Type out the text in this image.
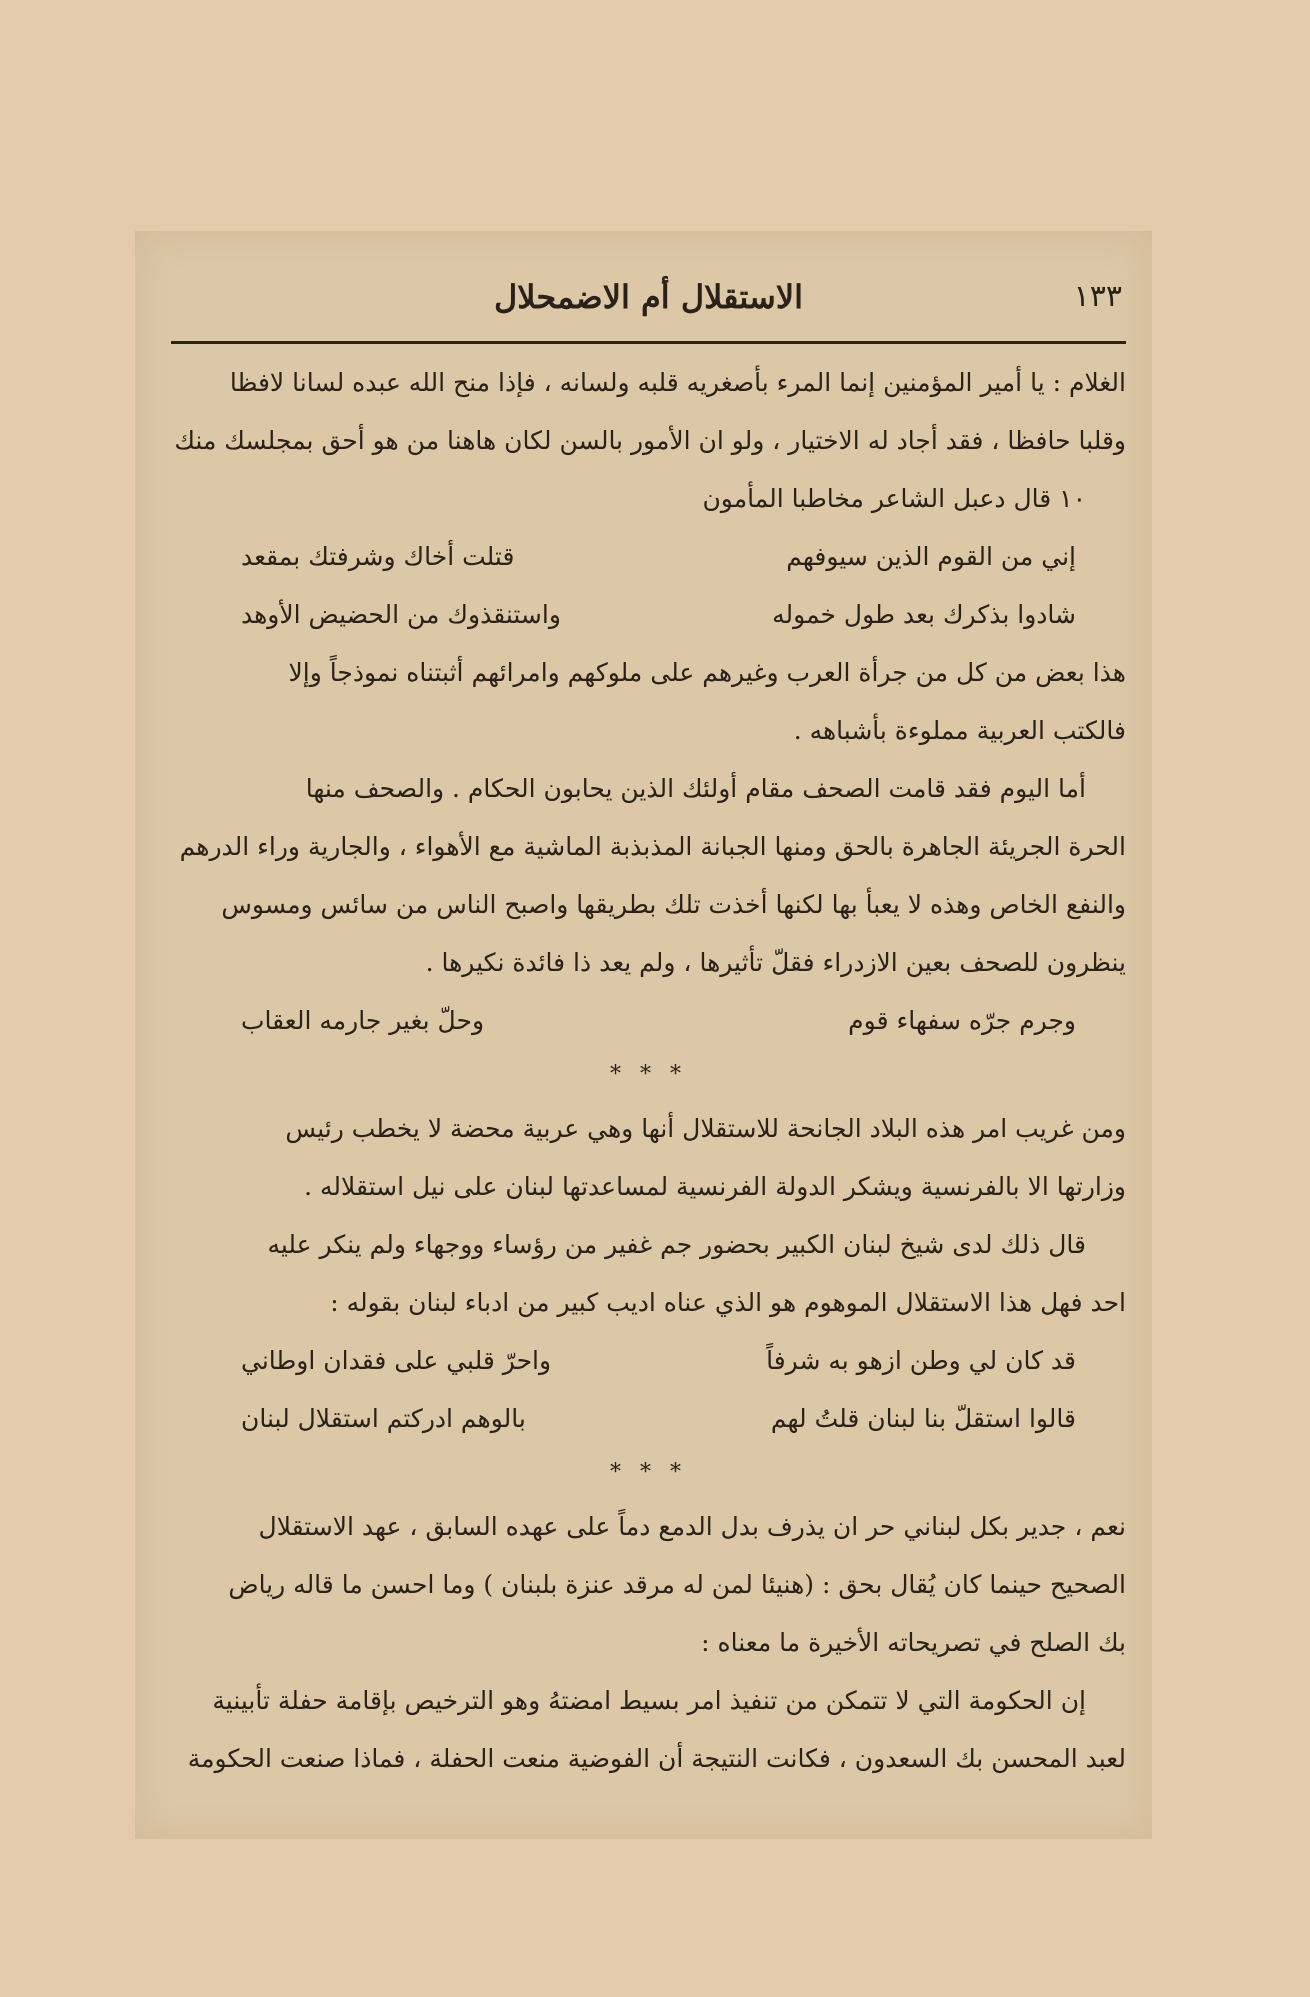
الاستقلال أم الاضمحلال	١٣٣

الغلام : يا أمير المؤمنين إنما المرء بأصغريه قلبه ولسانه ، فإذا منح الله عبده لسانا لافظا

وقلبا حافظا ، فقد أجاد له الاختيار ، ولو ان الأمور بالسن لكان هاهنا من هو أحق بمجلسك منك

١٠ قال دعبل الشاعر مخاطبا المأمون

إني من القوم الذين سيوفهم
قتلت أخاك وشرفتك بمقعد
شادوا بذكرك بعد طول خموله
واستنقذوك من الحضيض الأوهد

هذا بعض من كل من جرأة العرب وغيرهم على ملوكهم وامرائهم أثبتناه نموذجاً وإلا

فالكتب العربية مملوءة بأشباهه .

أما اليوم فقد قامت الصحف مقام أولئك الذين يحابون الحكام . والصحف منها

الحرة الجريئة الجاهرة بالحق ومنها الجبانة المذبذبة الماشية مع الأهواء ، والجارية وراء الدرهم

والنفع الخاص وهذه لا يعبأ بها لكنها أخذت تلك بطريقها واصبح الناس من سائس ومسوس

ينظرون للصحف بعين الازدراء فقلّ تأثيرها ، ولم يعد ذا فائدة نكيرها .

وجرم جرّه سفهاء قوم
وحلّ بغير جارمه العقاب

* * *

ومن غريب امر هذه البلاد الجانحة للاستقلال أنها وهي عربية محضة لا يخطب رئيس

وزارتها الا بالفرنسية ويشكر الدولة الفرنسية لمساعدتها لبنان على نيل استقلاله .

قال ذلك لدى شيخ لبنان الكبير بحضور جم غفير من رؤساء ووجهاء ولم ينكر عليه

احد فهل هذا الاستقلال الموهوم هو الذي عناه اديب كبير من ادباء لبنان بقوله :

قد كان لي وطن ازهو به شرفاً
واحرّ قلبي على فقدان اوطاني
قالوا استقلّ بنا لبنان قلتُ لهم
بالوهم ادركتم استقلال لبنان

* * *

نعم ، جدير بكل لبناني حر ان يذرف بدل الدمع دماً على عهده السابق ، عهد الاستقلال

الصحيح حينما كان يُقال بحق : (هنيئا لمن له مرقد عنزة بلبنان ) وما احسن ما قاله رياض

بك الصلح في تصريحاته الأخيرة ما معناه :

إن الحكومة التي لا تتمكن من تنفيذ امر بسيط امضتهُ وهو الترخيص بإقامة حفلة تأبينية

لعبد المحسن بك السعدون ، فكانت النتيجة أن الفوضية منعت الحفلة ، فماذا صنعت الحكومة
